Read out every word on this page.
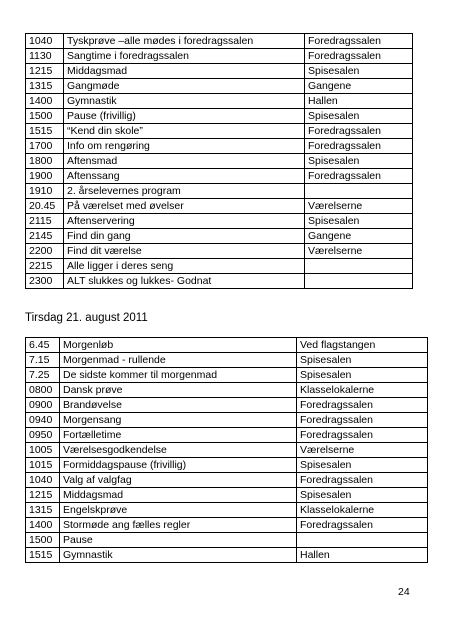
1040	Tyskprøve –alle mødes i foredragssalen	Foredragssalen
1130	Sangtime i foredragssalen	Foredragssalen
1215	Middagsmad	Spisesalen
1315	Gangmøde	Gangene
1400	Gymnastik	Hallen
1500	Pause (frivillig)	Spisesalen
1515	“Kend din skole”	Foredragssalen
1700	Info om rengøring	Foredragssalen
1800	Aftensmad	Spisesalen
1900	Aftenssang	Foredragssalen
1910	2. årselevernes program	
20.45	På værelset med øvelser	Værelserne
2115	Aftenservering	Spisesalen
2145	Find din gang	Gangene
2200	Find dit værelse	Værelserne
2215	Alle ligger i deres seng	
2300	ALT slukkes og lukkes- Godnat	
Tirsdag 21. august 2011
6.45	Morgenløb	Ved flagstangen
7.15	Morgenmad - rullende	Spisesalen
7.25	De sidste kommer til morgenmad	Spisesalen
0800	Dansk prøve	Klasselokalerne
0900	Brandøvelse	Foredragssalen
0940	Morgensang	Foredragssalen
0950	Fortælletime	Foredragssalen
1005	Værelsesgodkendelse	Værelserne
1015	Formiddagspause (frivillig)	Spisesalen
1040	Valg af valgfag	Foredragssalen
1215	Middagsmad	Spisesalen
1315	Engelskprøve	Klasselokalerne
1400	Stormøde ang fælles regler	Foredragssalen
1500	Pause	
1515	Gymnastik	Hallen
24
